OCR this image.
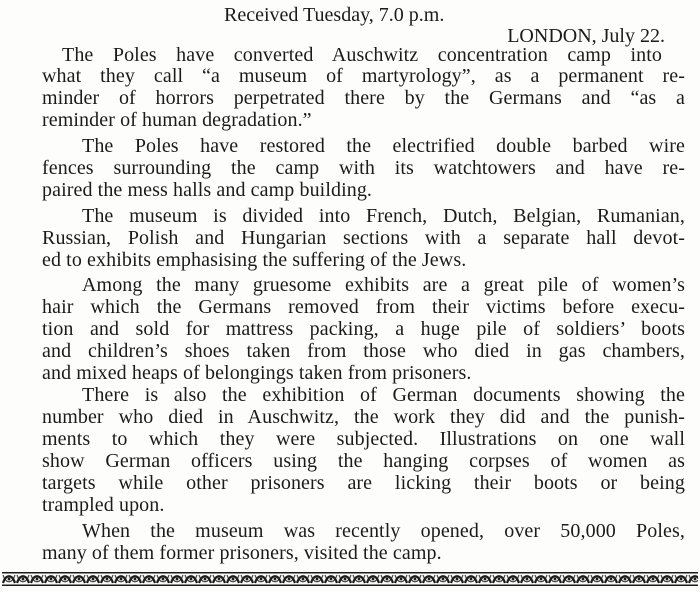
Received Tuesday, 7.0 p.m.
LONDON, July 22.
The Poles have converted Auschwitz concentration camp into
what they call “a museum of martyrology”, as a permanent re-
minder of horrors perpetrated there by the Germans and “as a
reminder of human degradation.”
The Poles have restored the electrified double barbed wire
fences surrounding the camp with its watchtowers and have re-
paired the mess halls and camp building.
The museum is divided into French, Dutch, Belgian, Rumanian,
Russian, Polish and Hungarian sections with a separate hall devot-
ed to exhibits emphasising the suffering of the Jews.
Among the many gruesome exhibits are a great pile of women’s
hair which the Germans removed from their victims before execu-
tion and sold for mattress packing, a huge pile of soldiers’ boots
and children’s shoes taken from those who died in gas chambers,
and mixed heaps of belongings taken from prisoners.
There is also the exhibition of German documents showing the
number who died in Auschwitz, the work they did and the punish-
ments to which they were subjected. Illustrations on one wall
show German officers using the hanging corpses of women as
targets while other prisoners are licking their boots or being
trampled upon.
When the museum was recently opened, over 50,000 Poles,
many of them former prisoners, visited the camp.
